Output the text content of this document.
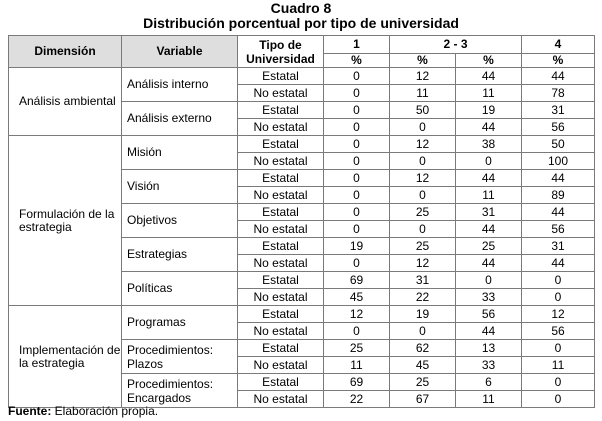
Cuadro 8
Distribución porcentual por tipo de universidad
Dimensión	Variable	Tipo de Universidad	1	2 - 3		4
			%	%	%	%
Análisis ambiental	Análisis interno	Estatal	0	12	44	44
		No estatal	0	11	11	78
	Análisis externo	Estatal	0	50	19	31
		No estatal	0	0	44	56
Formulación de la estrategia	Misión	Estatal	0	12	38	50
		No estatal	0	0	0	100
	Visión	Estatal	0	12	44	44
		No estatal	0	0	11	89
	Objetivos	Estatal	0	25	31	44
		No estatal	0	0	44	56
	Estrategias	Estatal	19	25	25	31
		No estatal	0	12	44	44
	Políticas	Estatal	69	31	0	0
		No estatal	45	22	33	0
Implementación de la estrategia	Programas	Estatal	12	19	56	12
		No estatal	0	0	44	56
	Procedimientos: Plazos	Estatal	25	62	13	0
		No estatal	11	45	33	11
	Procedimientos: Encargados	Estatal	69	25	6	0
		No estatal	22	67	11	0
Fuente: Elaboración propia.
